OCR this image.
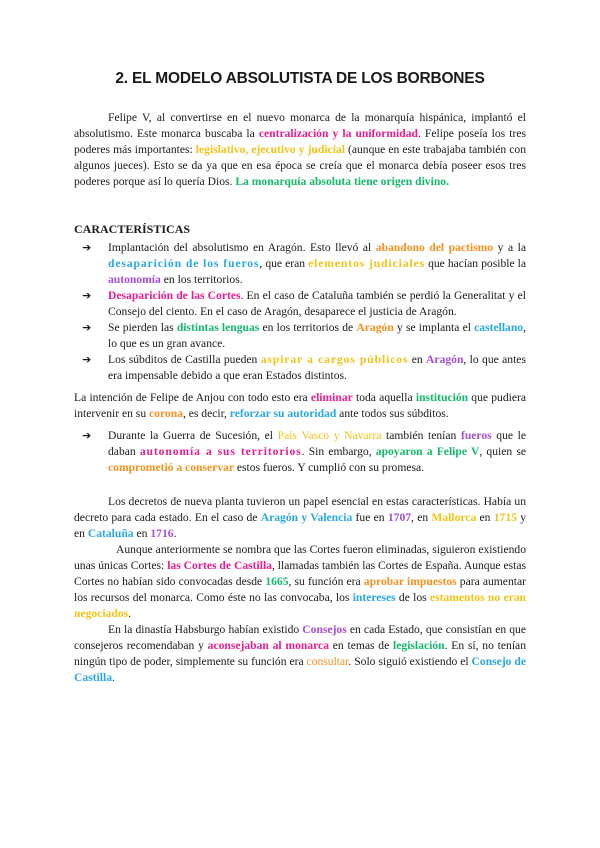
2. EL MODELO ABSOLUTISTA DE LOS BORBONES
Felipe V, al convertirse en el nuevo monarca de la monarquía hispánica, implantó el absolutismo. Este monarca buscaba la centralización y la uniformidad. Felipe poseía los tres poderes más importantes: legislativo, ejecutivo y judicial (aunque en este trabajaba también con algunos jueces). Esto se da ya que en esa época se creía que el monarca debía poseer esos tres poderes porque así lo quería Dios. La monarquía absoluta tiene origen divino.
CARACTERÍSTICAS
➔ Implantación del absolutismo en Aragón. Esto llevó al abandono del pactismo y a la desaparición de los fueros, que eran elementos judiciales que hacían posible la autonomía en los territorios.
➔ Desaparición de las Cortes. En el caso de Cataluña también se perdió la Generalitat y el Consejo del ciento. En el caso de Aragón, desaparece el justicia de Aragón.
➔ Se pierden las distintas lenguas en los territorios de Aragón y se implanta el castellano, lo que es un gran avance.
➔ Los súbditos de Castilla pueden aspirar a cargos públicos en Aragón, lo que antes era impensable debido a que eran Estados distintos.
La intención de Felipe de Anjou con todo esto era eliminar toda aquella institución que pudiera intervenir en su corona, es decir, reforzar su autoridad ante todos sus súbditos.
➔ Durante la Guerra de Sucesión, el País Vasco y Navarra también tenían fueros que le daban autonomía a sus territorios. Sin embargo, apoyaron a Felipe V, quien se comprometió a conservar estos fueros. Y cumplió con su promesa.
Los decretos de nueva planta tuvieron un papel esencial en estas características. Había un decreto para cada estado. En el caso de Aragón y Valencia fue en 1707, en Mallorca en 1715 y en Cataluña en 1716.
Aunque anteriormente se nombra que las Cortes fueron eliminadas, siguieron existiendo unas únicas Cortes: las Cortes de Castilla, llamadas también las Cortes de España. Aunque estas Cortes no habían sido convocadas desde 1665, su función era aprobar impuestos para aumentar los recursos del monarca. Como éste no las convocaba, los intereses de los estamentos no eran negociados.
En la dinastía Habsburgo habían existido Consejos en cada Estado, que consistían en que consejeros recomendaban y aconsejaban al monarca en temas de legislación. En sí, no tenían ningún tipo de poder, simplemente su función era consultar. Solo siguió existiendo el Consejo de Castilla.
